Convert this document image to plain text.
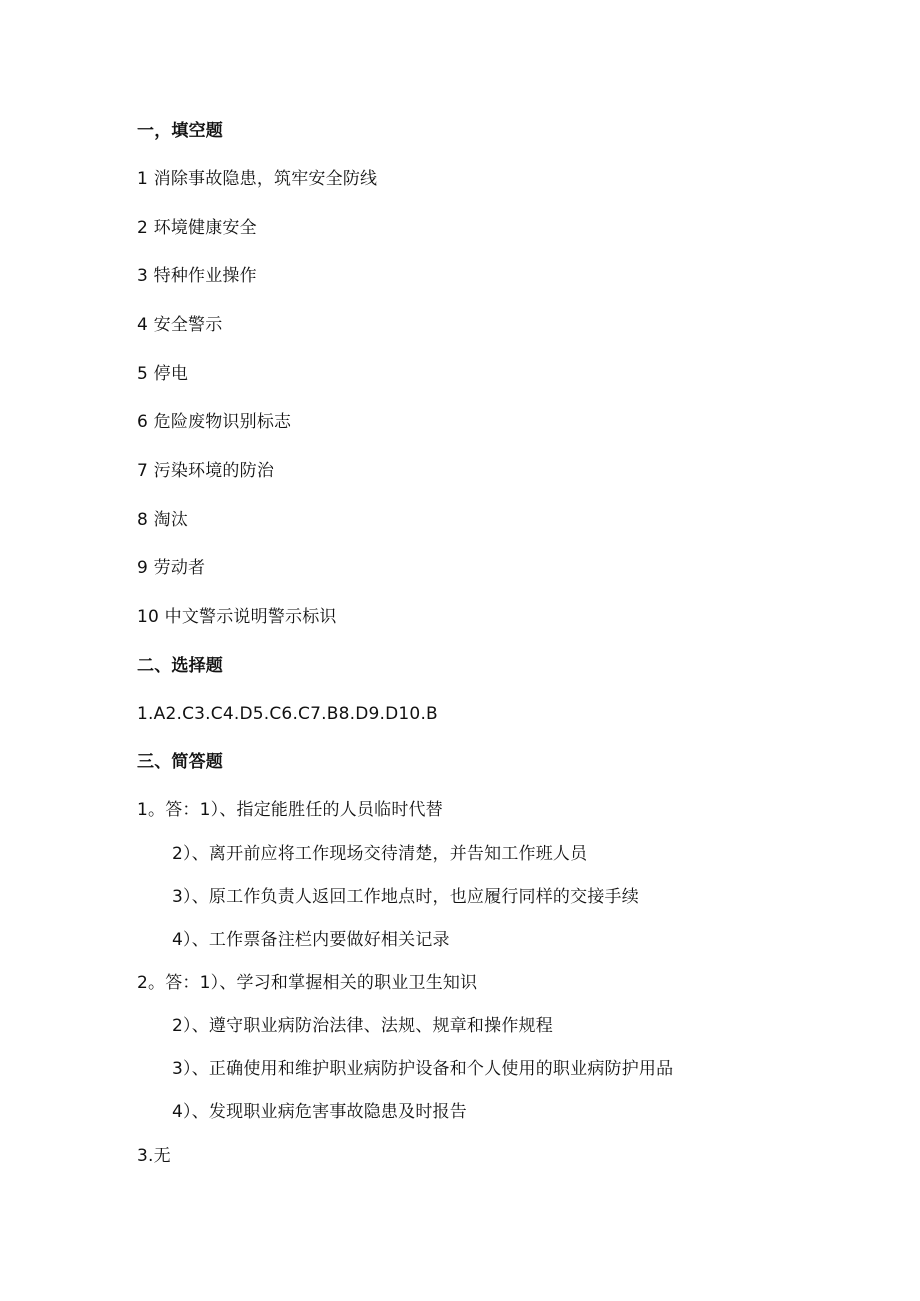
一，填空题
1 消除事故隐患，筑牢安全防线
2 环境健康安全
3 特种作业操作
4 安全警示
5 停电
6 危险废物识别标志
7 污染环境的防治
8 淘汰
9 劳动者
10 中文警示说明警示标识
二、选择题
1.A2.C3.C4.D5.C6.C7.B8.D9.D10.B
三、简答题
1。答：1）、指定能胜任的人员临时代替
2）、离开前应将工作现场交待清楚，并告知工作班人员
3）、原工作负责人返回工作地点时，也应履行同样的交接手续
4）、工作票备注栏内要做好相关记录
2。答：1）、学习和掌握相关的职业卫生知识
2）、遵守职业病防治法律、法规、规章和操作规程
3）、正确使用和维护职业病防护设备和个人使用的职业病防护用品
4）、发现职业病危害事故隐患及时报告
3.无
